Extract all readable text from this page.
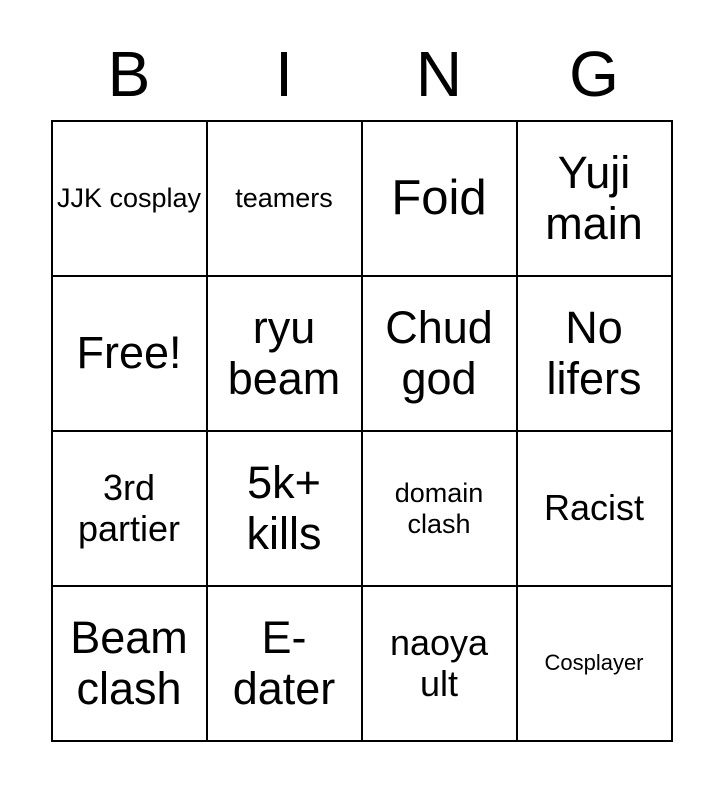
B	I	N	G
JJK cosplay	teamers	Foid	Yuji main
Free!	ryu beam	Chud god	No lifers
3rd partier	5k+ kills	domain clash	Racist
Beam clash	E-dater	naoya ult	Cosplayer
